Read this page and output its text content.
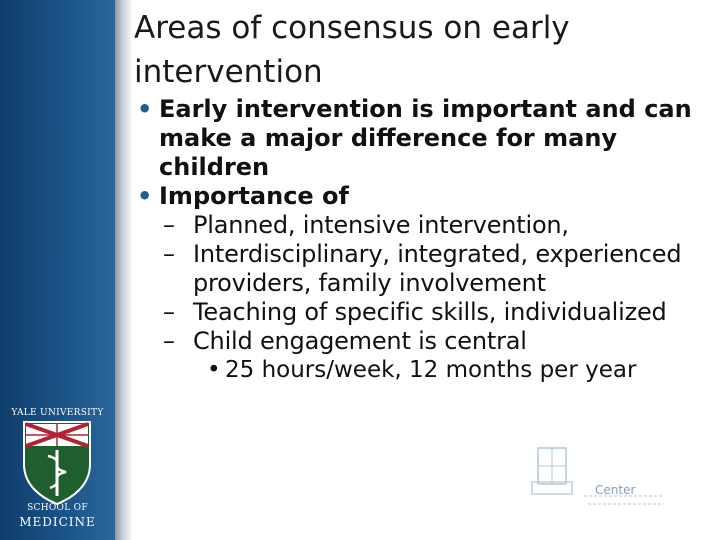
YALE UNIVERSITY
SCHOOL OF
MEDICINE
Areas of consensus on early intervention
• Early intervention is important and can make a major difference for many children
• Importance of
– Planned, intensive intervention,
– Interdisciplinary, integrated, experienced providers, family involvement
– Teaching of specific skills, individualized
– Child engagement is central
• 25 hours/week, 12 months per year
Center
